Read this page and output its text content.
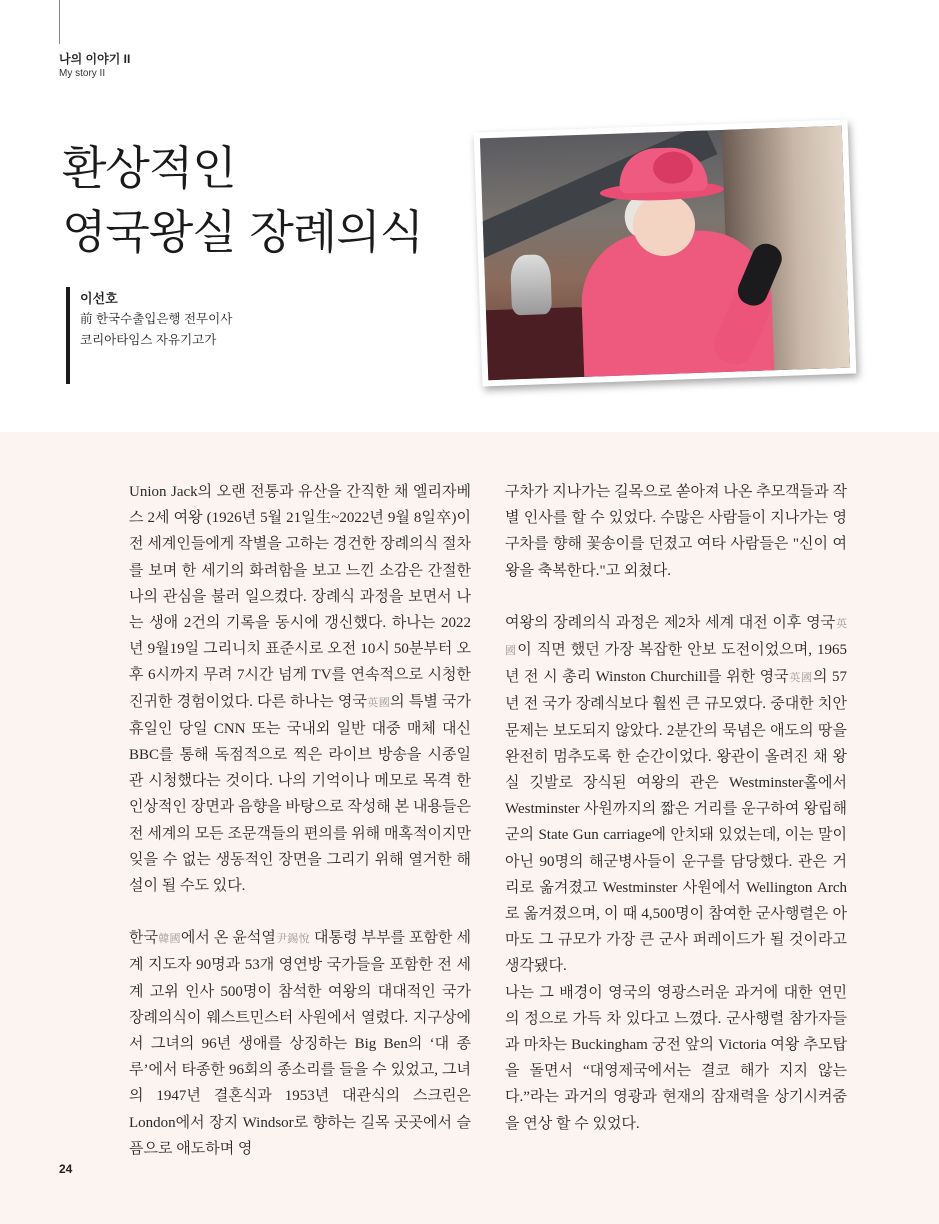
나의 이야기 II
My story II
환상적인
영국왕실 장례의식
이선호
前 한국수출입은행 전무이사
코리아타임스 자유기고가

Union Jack의 오랜 전통과 유산을 간직한 채 엘리자베스 2세 여왕 (1926년 5월 21일生~2022년 9월 8일卒)이 전 세계인들에게 작별을 고하는 경건한 장례의식 절차를 보며 한 세기의 화려함을 보고 느낀 소감은 간절한 나의 관심을 불러 일으켰다. 장례식 과정을 보면서 나는 생애 2건의 기록을 동시에 갱신했다. 하나는 2022년 9월19일 그리니치 표준시로 오전 10시 50분부터 오후 6시까지 무려 7시간 넘게 TV를 연속적으로 시청한 진귀한 경험이었다. 다른 하나는 영국英國의 특별 국가 휴일인 당일 CNN 또는 국내외 일반 대중 매체 대신 BBC를 통해 독점적으로 찍은 라이브 방송을 시종일관 시청했다는 것이다. 나의 기억이나 메모로 목격 한 인상적인 장면과 음향을 바탕으로 작성해 본 내용들은 전 세계의 모든 조문객들의 편의를 위해 매혹적이지만 잊을 수 없는 생동적인 장면을 그리기 위해 열거한 해설이 될 수도 있다.

한국韓國에서 온 윤석열尹錫悅 대통령 부부를 포함한 세계 지도자 90명과 53개 영연방 국가들을 포함한 전 세계 고위 인사 500명이 참석한 여왕의 대대적인 국가 장례의식이 웨스트민스터 사원에서 열렸다. 지구상에서 그녀의 96년 생애를 상징하는 Big Ben의 ‘대 종루’에서 타종한 96회의 종소리를 들을 수 있었고, 그녀의 1947년 결혼식과 1953년 대관식의 스크린은 London에서 장지 Windsor로 향하는 길목 곳곳에서 슬픔으로 애도하며 영

구차가 지나가는 길목으로 쏟아져 나온 추모객들과 작별 인사를 할 수 있었다. 수많은 사람들이 지나가는 영구차를 향해 꽃송이를 던졌고 여타 사람들은 "신이 여왕을 축복한다."고 외쳤다.

여왕의 장례의식 과정은 제2차 세계 대전 이후 영국英國이 직면 했던 가장 복잡한 안보 도전이었으며, 1965년 전 시 총리 Winston Churchill를 위한 영국英國의 57년 전 국가 장례식보다 훨씬 큰 규모였다. 중대한 치안 문제는 보도되지 않았다. 2분간의 묵념은 애도의 땅을 완전히 멈추도록 한 순간이었다. 왕관이 올려진 채 왕실 깃발로 장식된 여왕의 관은 Westminster홀에서 Westminster 사원까지의 짧은 거리를 운구하여 왕립해군의 State Gun carriage에 안치돼 있었는데, 이는 말이 아닌 90명의 해군병사들이 운구를 담당했다. 관은 거리로 옮겨졌고 Westminster 사원에서 Wellington Arch로 옮겨졌으며, 이 때 4,500명이 참여한 군사행렬은 아마도 그 규모가 가장 큰 군사 퍼레이드가 될 것이라고 생각됐다.

나는 그 배경이 영국의 영광스러운 과거에 대한 연민의 정으로 가득 차 있다고 느꼈다. 군사행렬 참가자들과 마차는 Buckingham 궁전 앞의 Victoria 여왕 추모탑을 돌면서 “대영제국에서는 결코 해가 지지 않는다.”라는 과거의 영광과 현재의 잠재력을 상기시켜줌을 연상 할 수 있었다.

24
